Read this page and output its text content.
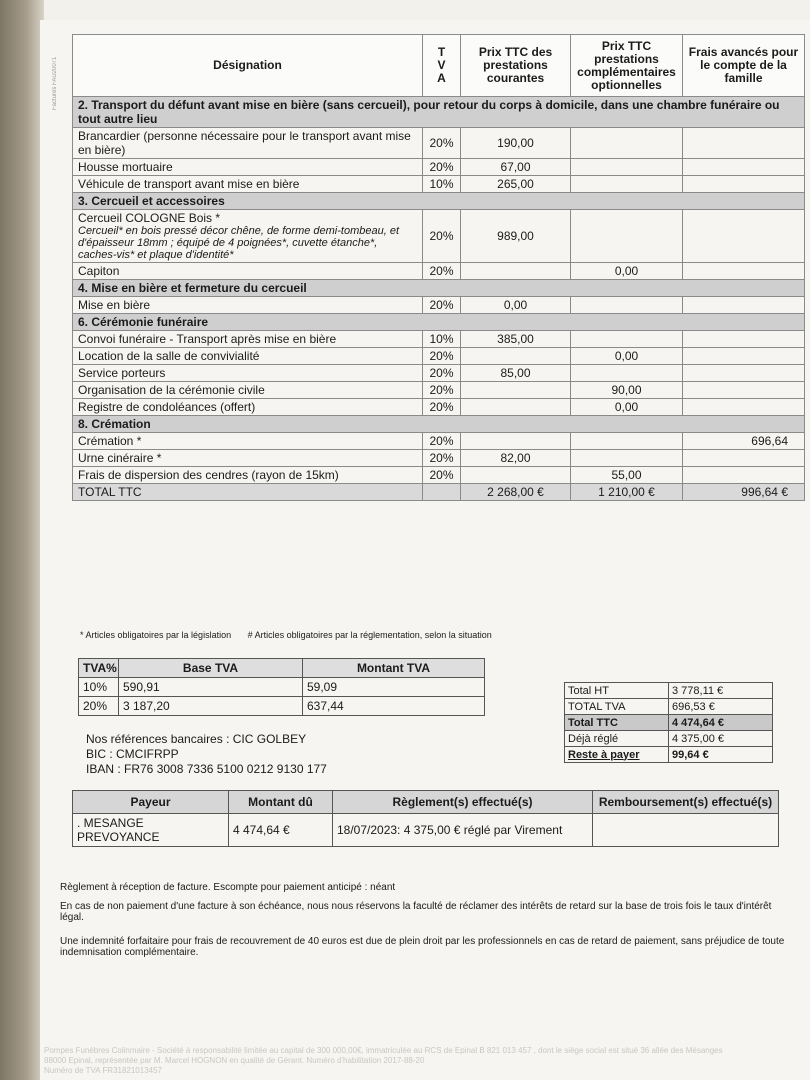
Factures FAU20071	Désignation	T
V
A	Prix TTC des prestations courantes	Prix TTC prestations complémentaires optionnelles	Frais avancés pour le compte de la famille
2. Transport du défunt avant mise en bière (sans cercueil), pour retour du corps à domicile, dans une chambre funéraire ou tout autre lieu				
Brancardier (personne nécessaire pour le transport avant mise en bière)	20%	190,00		
Housse mortuaire	20%	67,00		
Véhicule de transport avant mise en bière	10%	265,00		
3. Cercueil et accessoires				
Cercueil COLOGNE Bois *
Cercueil* en bois pressé décor chêne, de forme demi-tombeau, et d'épaisseur 18mm ; équipé de 4 poignées*, cuvette étanche*, caches-vis* et plaque d'identité*	20%	989,00		
Capiton	20%		0,00	
4. Mise en bière et fermeture du cercueil				
Mise en bière	20%	0,00		
6. Cérémonie funéraire				
Convoi funéraire - Transport après mise en bière	10%	385,00		
Location de la salle de convivialité	20%		0,00	
Service porteurs	20%	85,00		
Organisation de la cérémonie civile	20%		90,00	
Registre de condoléances (offert)	20%		0,00	
8. Crémation				
Crémation *	20%			696,64
Urne cinéraire *	20%	82,00		
Frais de dispersion des cendres (rayon de 15km)	20%		55,00	
TOTAL TTC		2 268,00 €	1 210,00 €	996,64 €
* Articles obligatoires par la législation # Articles obligatoires par la réglementation, selon la situation
TVA%	Base TVA	Montant TVA
10%	590,91	59,09
20%	3 187,20	637,44
Total HT	3 778,11 €
TOTAL TVA	696,53 €
Total TTC	4 474,64 €
Déjà réglé	4 375,00 €
Reste à payer	99,64 €
Nos références bancaires : CIC GOLBEY
BIC : CMCIFRPP
IBAN : FR76 3008 7336 5100 0212 9130 177
Payeur	Montant dû	Règlement(s) effectué(s)	Remboursement(s) effectué(s)
. MESANGE PREVOYANCE	4 474,64 €	18/07/2023: 4 375,00 € réglé par Virement	
Règlement à réception de facture. Escompte pour paiement anticipé : néant
En cas de non paiement d'une facture à son échéance, nous nous réservons la faculté de réclamer des intérêts de retard sur la base de trois fois le taux d'intérêt légal.
Une indemnité forfaitaire pour frais de recouvrement de 40 euros est due de plein droit par les professionnels en cas de retard de paiement, sans préjudice de toute indemnisation complémentaire.
Pompes Funèbres Colinmaire - Société à responsabilité limitée au capital de 300 000,00€, immatriculée au RCS de Epinal B 821 013 457 , dont le siège social est situé 36 allée des Mésanges
88000 Epinal, représentée par M. Marcel HOGNON en qualité de Gérant. Numéro d'habilitation 2017-88-20
Numéro de TVA FR31821013457
